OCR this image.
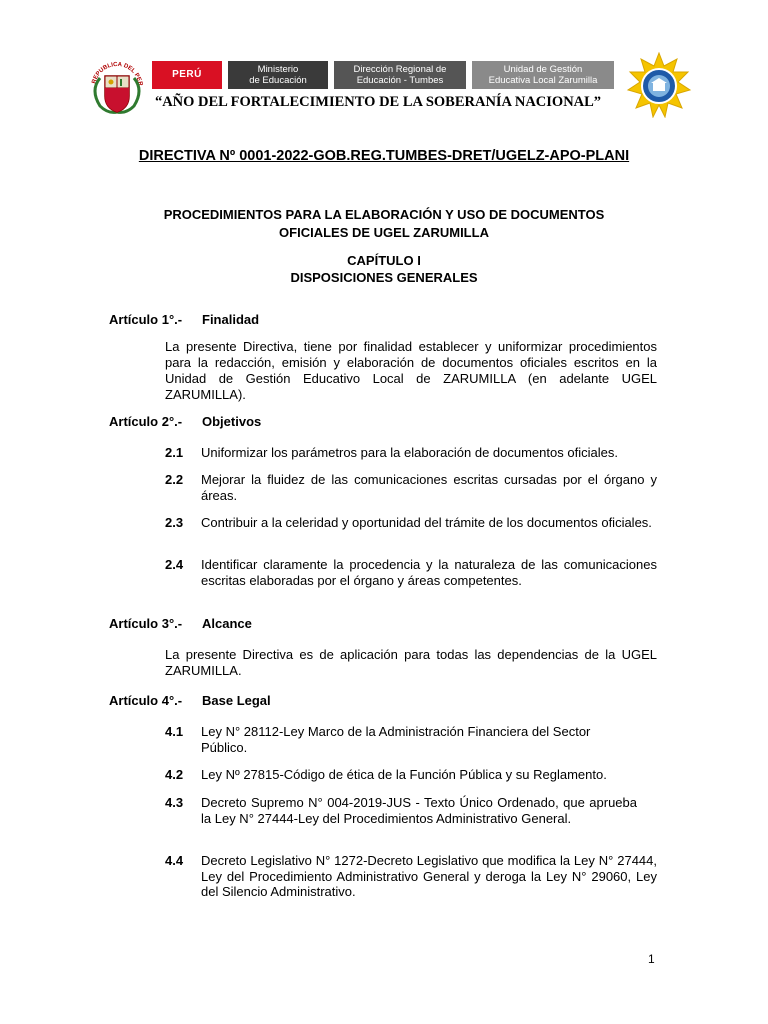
REPUBLICA DEL PER
PERÚ
Ministerio
de Educación
Dirección Regional de
Educación - Tumbes
Unidad de Gestión
Educativa Local Zarumilla
“AÑO DEL FORTALECIMIENTO DE LA SOBERANÍA NACIONAL”
DIRECTIVA Nº 0001-2022-GOB.REG.TUMBES-DRET/UGELZ-APO-PLANI
PROCEDIMIENTOS PARA LA ELABORACIÓN Y USO DE DOCUMENTOS
OFICIALES DE UGEL ZARUMILLA
CAPÍTULO I
DISPOSICIONES GENERALES
Artículo 1°.- Finalidad
La presente Directiva, tiene por finalidad establecer y uniformizar procedimientos para la redacción, emisión y elaboración de documentos oficiales escritos en la Unidad de Gestión Educativo Local de ZARUMILLA (en adelante UGEL ZARUMILLA).
Artículo 2°.- Objetivos
2.1 Uniformizar los parámetros para la elaboración de documentos oficiales.
2.2 Mejorar la fluidez de las comunicaciones escritas cursadas por el órgano y áreas.
2.3 Contribuir a la celeridad y oportunidad del trámite de los documentos oficiales.
2.4 Identificar claramente la procedencia y la naturaleza de las comunicaciones escritas elaboradas por el órgano y áreas competentes.
Artículo 3°.- Alcance
La presente Directiva es de aplicación para todas las dependencias de la UGEL ZARUMILLA.
Artículo 4°.- Base Legal
4.1 Ley N° 28112-Ley Marco de la Administración Financiera del Sector Público.
4.2 Ley Nº 27815-Código de ética de la Función Pública y su Reglamento.
4.3 Decreto Supremo N° 004-2019-JUS - Texto Único Ordenado, que aprueba la Ley N° 27444-Ley del Procedimientos Administrativo General.
4.4 Decreto Legislativo N° 1272-Decreto Legislativo que modifica la Ley N° 27444, Ley del Procedimiento Administrativo General y deroga la Ley N° 29060, Ley del Silencio Administrativo.
1
